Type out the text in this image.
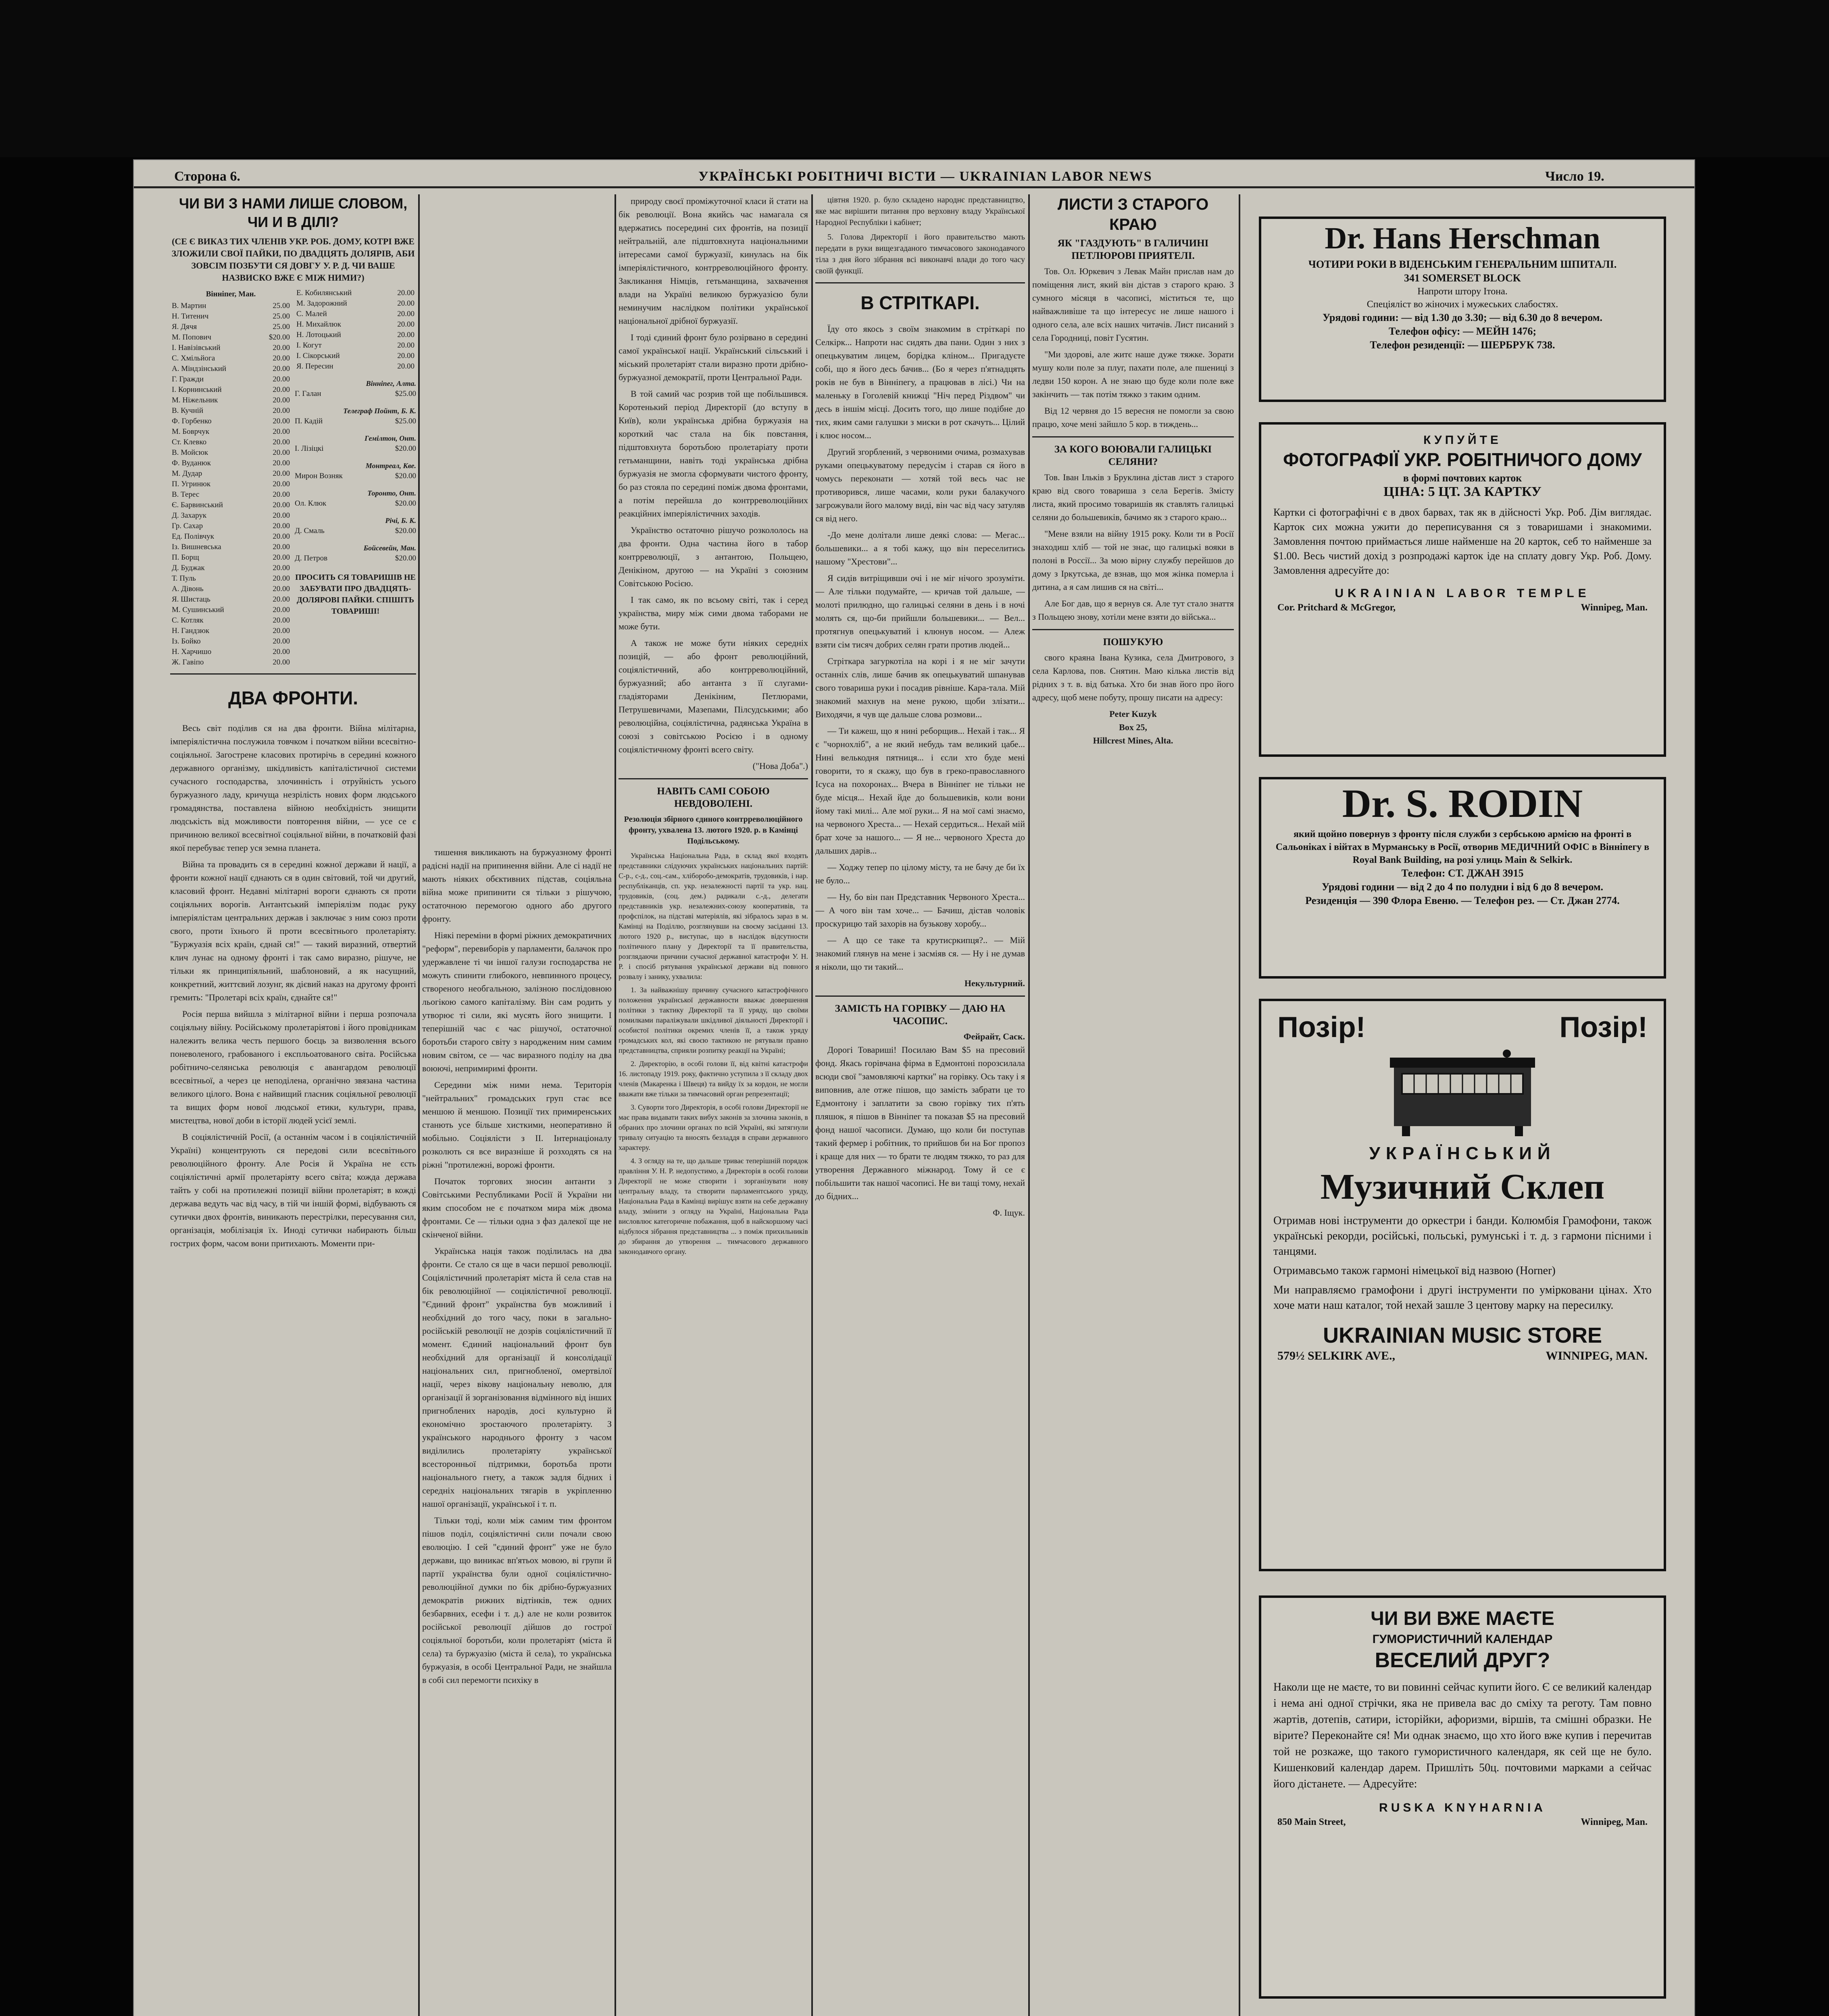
Сторона 6.	УКРАЇНСЬКІ РОБІТНИЧІ ВІСТИ — UKRAINIAN LABOR NEWS	Число 19.
ЧИ ВИ З НАМИ ЛИШЕ СЛОВОМ, ЧИ И В ДІЛІ?
(СЕ Є ВИКАЗ ТИХ ЧЛЕНІВ УКР. РОБ. ДОМУ, КОТРІ ВЖЕ ЗЛОЖИЛИ СВОЇ ПАЙКИ, ПО ДВАДЦЯТЬ ДОЛЯРІВ, АБИ ЗОВСІМ ПОЗБУТИ СЯ ДОВГУ У. Р. Д. ЧИ ВАШЕ НАЗВИСКО ВЖЕ Є МІЖ НИМИ?)
Вінніпег, Ман.
В. Мартин	25.00
Н. Титенич	25.00
Я. Дячя	25.00
М. Попович	$20.00
І. Навізівський	20.00
С. Хмільйога	20.00
А. Міндзінський	20.00
Г. Гражди	20.00
І. Корнинський	20.00
М. Ніжельник	20.00
В. Кучній	20.00
Ф. Горбенко	20.00
М. Боврчук	20.00
Ст. Клевко	20.00
В. Мойсюк	20.00
Ф. Вуданюк	20.00
М. Дудар	20.00
П. Угринюк	20.00
В. Терес	20.00
Є. Барвинський	20.00
Д. Захарук	20.00
Гр. Сахар	20.00
Ед. Полівчук	20.00
Із. Вишневська	20.00
П. Борщ	20.00
Д. Буджак	20.00
Т. Пуль	20.00
А. Дівонь	20.00
Я. Шистаць	20.00
М. Сушинський	20.00
С. Котляк	20.00
Н. Гандзюк	20.00
Із. Бойко	20.00
Н. Харчишо	20.00
Ж. Гавіпо	20.00
Е. Кобилянський	20.00
М. Задорожний	20.00
С. Малей	20.00
Н. Михайлюк	20.00
Н. Лотоцький	20.00
І. Когут	20.00
І. Сікорський	20.00
Я. Пересин	20.00
Вінніпег, Алта.
Г. Галан	$25.00
Телеграф Пойнт, Б. К.
П. Кадій	$25.00
Гемілтон, Онт.
І. Лізіцкі	$20.00
Монтреал, Кве.
Мирон Возняк	$20.00
Торонто, Онт.
Ол. Клюк	$20.00
Річі, Б. К.
Д. Смаль	$20.00
Бойсевейн, Ман.
Д. Петров	$20.00
ПРОСИТЬ СЯ ТОВАРИШІВ НЕ ЗАБУВАТИ ПРО ДВАДЦЯТЬ-ДОЛЯРОВІ ПАЙКИ. СПІШІТЬ ТОВАРИШІ!
ДВА ФРОНТИ.

Весь світ поділив ся на два фронти. Війна мілітарна, імперіялістична послужила товчком і початком війни всесвітно-соціяльної. Загострене класових протирічь в середині кожного державного організму, шкідливість капіталістичної системи сучасного господарства, злочинність і отруйність усього буржуазного ладу, кричуща незрілість нових форм людського громадянства, поставлена війною необхідність знищити людськість від можливости повторення війни, — усе се є причиною великої всесвітної соціяльної війни, в початковій фазі якої перебуває тепер уся земна планета.

Війна та провадить ся в середині кожної держави й нації, а фронти кожної нації єднають ся в один світовий, той чи другий, класовий фронт. Недавні мілітарні вороги єднають ся проти соціяльних ворогів. Антантський імперіялізм подає руку імперіялістам центральних держав і заключає з ним союз проти свого, проти їхнього й проти всесвітнього пролетаріяту. "Буржуазія всіх країн, єднай ся!" — такий виразний, отвертий клич лунає на одному фронті і так само виразно, рішуче, не тільки як принципіяльний, шаблоновий, а як насущний, конкретний, життєвий лозунг, як дієвий наказ на другому фронті гремить: "Пролетарі всіх країн, єднайте ся!"

Росія перша вийшла з мілітарної війни і перша розпочала соціяльну війну. Російському пролетаріятові і його провідникам належить велика честь першого боєць за визволення всього поневоленого, грабованого і експльоатованого світа. Російська робітничо-селянська революція є авангардом революції всесвітньої, а через це неподілена, органічно звязана частина великого цілого. Вона є найвищий гласник соціяльної революції та вищих форм нової людської етики, культури, права, мистецтва, нової доби в історії людей усієї землі.

В соціялістичній Росії, (а останнім часом і в соціялістичній Україні) концентрують ся передові сили всесвітнього революційного фронту. Але Росія й Україна не єсть соціялістичні армії пролетаріяту всего світа; кожда держава тайть у собі на протилежні позиції війни пролетаріят; в кожді держава ведуть час від часу, в тій чи іншій формі, відбувають ся сутички двох фронтів, виникають перестрілки, пересування сил, організація, мобілізація їх. Иноді сутички набирають більш гострих форм, часом вони притихають. Моменти при-

тишення викликають на буржуазному фронті радісні надії на припинення війни. Але сі надії не мають ніяких обєктивних підстав, соціяльна війна може припинити ся тільки з рішучою, остаточною перемогою одного або другого фронту.

Ніякі переміни в формі ріжних демократичних "реформ", перевиборів у парламенти, балачок про удержавлене ті чи іншої галузи господарства не можуть спинити глибокого, невпинного процесу, створеного необгальною, залізною послідовною льогікою самого капіталізму. Він сам родить у утворює ті сили, які мусять його знищити. І теперішній час є час рішучої, остаточної боротьби старого світу з народженим ним самим новим світом, се — час виразного поділу на два воюючі, непримиримі фронти.

Середини між ними нема. Територія "нейтральних" громадських груп стає все меншою й меншою. Позиції тих примиренських станють усе більше хисткими, неоперативно й мобільно. Соціялісти з ІІ. Інтернаціоналу розколють ся все виразніше й розходять ся на ріжні "протилежні, ворожі фронти.

Початок торгових зносин антанти з Совітськими Республиками Росії й України ни яким способом не є початком мира між двома фронтами. Се — тільки одна з фаз далекої ще не скінченої війни.

Українська нація також поділилась на два фронти. Се стало ся ще в часи першої революції. Соціялістичний пролетаріят міста й села став на бік революційної — соціялістичної революції. "Єдиний фронт" українства був можливий і необхідний до того часу, поки в загально-російській революції не дозрів соціялістичний її момент. Єдиний національний фронт був необхідний для організації й консолідації національних сил, пригнобленої, омертвілої нації, через вікову національну неволю, для організації й зорганізовання відмінного від інших пригноблених народів, досі культурно й економічно зростаючого пролетаріяту. З українського народнього фронту з часом виділились пролетаріяту української всесторонньої підтримки, боротьба проти національного гнету, а також задля бідних і середніх національних тягарів в укріпленню нашої організації, української і т. п.

Тільки тоді, коли між самим тим фронтом пішов поділ, соціялістичні сили почали свою еволюцію. І сей "єдиний фронт" уже не було держави, що виникає вп'ятьох мовою, ві групи й партії українства були одної соціялістично-революційної думки по бік дрібно-буржуазних демократів рижних відтінків, теж одних безбарвних, есефи і т. д.) але не коли розвиток російської революції дійшов до гострої соціяльної боротьби, коли пролетаріят (міста й села) та буржуазію (міста й села), то українська буржуазія, в особі Центральної Ради, не знайшла в собі сил перемогти психіку в

природу своєї проміжуточної класи й стати на бік революції. Вона якийсь час намагала ся вдержатись посередині сих фронтів, на позиції нейтральній, але підштовхнута національними інтересами самої буржуазії, кинулась на бік імперіялістичного, контрреволюційного фронту. Закликання Німців, гетьманщина, захвачення влади на Україні великою буржуазією були неминучим наслідком політики української національної дрібної буржуазії.

І тоді єдиний фронт було розірвано в середині самої української нації. Український сільський і міський пролетаріят стали виразно проти дрібно-буржуазної демократії, проти Центральної Ради.

В той самий час розрив той ще побільшився. Коротенький період Директорії (до вступу в Київ), коли українська дрібна буржуазія на короткий час стала на бік повстання, підштовхнута боротьбою пролетаріату проти гетьманщини, навіть тоді українська дрібна буржуазія не змогла сформувати чистого фронту, бо раз стояла по середині поміж двома фронтами, а потім перейшла до контрреволюційних реакційних імперіялістичних заходів.

Українство остаточно рішучо розкололось на два фронти. Одна частина його в табор контрреволюції, з антантою, Польщею, Денікіном, другою — на Україні з союзним Совітською Росією.

І так само, як по всьому світі, так і серед українства, миру між сими двома таборами не може бути.

А також не може бути ніяких середніх позицій, — або фронт революційний, соціялістичний, або контрреволюційний, буржуазний; або антанта з її слугами-гладіяторами Денікіним, Петлюрами, Петрушевичами, Мазепами, Пілсудськими; або революційна, соціялістична, радянська Україна в союзі з совітською Росією і в одному соціялістичному фронті всего світу.

("Нова Доба".)
НАВІТЬ САМІ СОБОЮ НЕВДОВОЛЕНІ.
Резолюція збірного єдиного контрреволюційного фронту, ухвалена 13. лютого 1920. р. в Камінці Подільському.

Українська Національна Рада, в склад якої входять представники слідуючих українських національних партій: С-р., с-д., соц.-сам., хліборобо-демократів, трудовиків, і нар. республіканців, сп. укр. незалежності партії та укр. нац. трудовиків, (соц. дем.) радикали с.-д., делегати представників укр. незалежних-союзу кооперативів, та профспілок, на підставі матеріялів, які зібралось зараз в м. Камінці на Поділлю, розглянувши на своєму засіданні 13. лютого 1920 р., виступає, що в наслідок відсутности політичного плану у Директорії та її правительства, розглядаючи причини сучасної державної катастрофи У. Н. Р. і спосіб рятування української держави від повного розвалу і занику, ухвалила:

1. За найважнішу причину сучасного катастрофічного положення української державности вважає довершення політики з тактику Директорії та її уряду, що своїми помилками параліжували шкідливої діяльності Директорії і особистої політики окремих членів її, а також уряду громадських кол, які своєю тактикою не рятували правно представництва, сприяли розпитку реакції на Україні;

2. Директорію, в особі голови її, від квітні катастрофи 16. листопаду 1919. року, фактично уступила з її складу двох членів (Макаренка і Швеця) та вийду їх за кордон, не могли вважати вже тільки за тимчасовий орган репрезентації;

3. Суворти того Директорія, в особі голови Директорії не має права видавати таких вибух законів за злочина законів, в обраних про злочини органах по всій Україні, які затягнули тривалу ситуацію та вносять безладдя в справи державного характеру.

4. З огляду на те, що дальше триває теперішній порядок правління У. Н. Р. недопустимо, а Директорія в особі голови Директорії не може створити і зорганізувати нову центральну владу, та створити парламентського уряду, Національна Рада в Камінці вирішує взяти на себе державну владу, змінити з огляду на Україні, Національна Рада висловлює категоричне побажання, щоб в найскоршому часі відбулося зібрання представництва ... з поміж прихильників до збирання до утворення ... тимчасового державного законодавчого органу.

цівтня 1920. р. було складено народнє представництво, яке має вирішити питання про верховну владу Української Народної Республіки і кабінет;

5. Голова Директорії і його правительство мають передати в руки вищезгаданого тимчасового законодавчого тіла з дня його зібрання всі виконавчі влади до того часу своїй функції.

В СТРІТКАРІ.

Їду ото якось з своїм знакомим в стріткарі по Селкірк... Напроти нас сидять два пани. Один з них з опецькуватим лицем, борідка кліном... Пригадуєте собі, що я його десь бачив... (Бо я через п'ятнадцять років не був в Вінніпегу, а працював в лісі.) Чи на маленьку в Гоголевій книжці "Ніч перед Різдвом" чи десь в іншім місці. Досить того, що лише подібне до тих, яким сами галушки з миски в рот скачуть... Цілий і клює носом...

Другий згорблений, з червоними очима, розмахував руками опецькуватому передусім і старав ся його в чомусь переконати — хотяй той весь час не противорився, лише часами, коли руки балакучого загрожували його малому виді, він час від часу затуляв ся від него.

-До мене долітали лише деякі слова: — Мегас... большевики... а я тобі кажу, що він переселитись нашому "Хрестови"...

Я сидів витріщивши очі і не міг нічого зрозуміти. — Але тільки подумайте, — кричав той дальше, — молоті прилюдно, що галицькі селяни в день і в ночі молять ся, що-би прийшли большевики... — Вел... протягнув опецькуватий і клюнув носом. — Алеж взяти сім тисяч добрих селян грати против людей...

Стріткара загуркотіла на корі і я не міг зачути останніх слів, лише бачив як опецькуватий шпанував свого товариша руки і посадив рівніше. Кара-тала. Мій знакомий махнув на мене рукою, щоби злізати... Виходячи, я чув ще дальше слова розмови...

— Ти кажеш, що я нині реборщив... Нехай і так... Я є "чорнохліб", а не який небудь там великий цабе... Нині велькодня пятниця... і єсли хто буде мені говорити, то я скажу, що був в греко-православного Ісуса на похоронах... Вчера в Вінніпег не тільки не буде місця... Нехай йде до большевиків, коли вони йому такі милі... Але мої руки... Я на мої самі знаємо, на червоного Хреста... — Нехай сердиться... Нехай мій брат хоче за нашого... — Я не... червоного Хреста до дальших дарів...

— Ходжу тепер по цілому місту, та не бачу де би їх не було...

— Ну, бо він пан Представник Червоного Хреста... — А чого він там хоче... — Бачиш, дістав чоловік проскурицю тай захорів на бузькову хоробу...

— А що се таке та крутисркипця?.. — Мій знакомий глянув на мене і засміяв ся. — Ну і не думав я ніколи, що ти такий...

Некультурний.
ЗАМІСТЬ НА ГОРІВКУ — ДАЮ НА ЧАСОПИС.
Фейрайт, Саск.

Дорогі Товариші! Посилаю Вам $5 на пресовий фонд. Якась горівчана фірма в Едмонтоні порозсилала всюди свої "замовляючі картки" на горівку. Ось таку і я виповнив, але отже пішов, що замість забрати це то Едмонтону і заплатити за свою горівку тих п'ять пляшок, я пішов в Вінніпег та показав $5 на пресовий фонд нашої часописи. Думаю, що коли би поступав такий фермер і робітник, то прийшов би на Бог пропоз і краще для них — то брати те людям тяжко, то раз для утворення Державного міжнарод. Тому й се є побільшити так нашої часописі. Не ви тащі тому, нехай до бідних...

Ф. Іщук.
ЛИСТИ З СТАРОГО КРАЮ
ЯК "ГАЗДУЮТЬ" В ГАЛИЧИНІ ПЕТЛЮРОВІ ПРИЯТЕЛІ.

Тов. Ол. Юркевич з Левак Майн прислав нам до поміщення лист, який він дістав з старого краю. З сумного місяця в часописі, міститься те, що найважливіше та що інтересує не лише нашого і одного села, але всіх наших читачів. Лист писаний з села Городниці, повіт Гусятин.

"Ми здорові, але житє наше дуже тяжке. Зорати мушу коли поле за плуг, пахати поле, але пшениці з ледви 150 корон. А не знаю що буде коли поле вже закінчить — так потім тяжко з таким одним.

Від 12 червня до 15 вересня не помогли за свою працю, хоче мені зайшло 5 кор. в тиждень...

ЗА КОГО ВОЮВАЛИ ГАЛИЦЬКІ СЕЛЯНИ?

Тов. Іван Ільків з Бруклина дістав лист з старого краю від свого товариша з села Берегів. Змісту листа, який просимо товаришів як ставлять галицькі селяни до большевиків, бачимо як з старого краю...

"Мене взяли на війну 1915 року. Коли ти в Росії знаходиш хліб — той не знає, що галицькі вояки в полоні в Россії... За мою вірну службу перейшов до дому з Іркутська, де взнав, що моя жінка померла і дитина, а я сам лишив ся на світі...

Але Бог дав, що я вернув ся. Але тут стало знаття з Польщею знову, хотіли мене взяти до війська...

ПОШУКУЮ

свого краяна Івана Кузика, села Дмитрового, з села Карлова, пов. Снятин. Маю кілька листів від рідних з т. в. від батька. Хто би знав його про його адресу, щоб мене побуту, прошу писати на адресу:

Peter Kuzyk
Box 25,
Hillcrest Mines, Alta.
Dr. Hans Herschman
ЧОТИРИ РОКИ В ВІДЕНСЬКИМ ГЕНЕРАЛЬНИМ ШПИТАЛІ.
341 SOMERSET BLOCK
Напроти штору Ітона.
Спеціяліст во жіночих і мужеських слабостях.
Урядові години: — від 1.30 до 3.30; — від 6.30 до 8 вечером.
Телефон офісу: — МЕЙН 1476;
Телефон резиденції: — ШЕРБРУК 738.
КУПУЙТЕ
ФОТОГРАФІЇ УКР. РОБІТНИЧОГО ДОМУ
в формі почтових карток
ЦІНА: 5 ЦТ. ЗА КАРТКУ
Картки сі фотографічні є в двох барвах, так як в дійсності Укр. Роб. Дім виглядає. Карток сих можна ужити до переписування ся з товаришами і знакомими. Замовлення почтою приймається лише найменше на 20 карток, себ то найменше за $1.00. Весь чистий дохід з розпродажі карток іде на сплату довгу Укр. Роб. Дому. Замовлення адресуйте до:
UKRAINIAN LABOR TEMPLE
Cor. Pritchard & McGregor,	Winnipeg, Man.
Dr. S. RODIN
який щойно повернув з фронту після служби з сербською армією на фронті в Сальоніках і війтах в Мурманську в Росії, отворив МЕДИЧНИЙ ОФІС в Вінніпегу в Royal Bank Building, на розі улиць Main & Selkirk.
Телефон: СТ. ДЖАН 3915
Урядові години — від 2 до 4 по полудни і від 6 до 8 вечером.
Резиденція — 390 Флора Евеню. — Телефон рез. — Ст. Джан 2774.
Позір!	Позір!
УКРАЇНСЬКИЙ
Музичний Склеп
Отримав нові інструменти до оркестри і банди. Колюмбія Грамофони, також українські рекорди, російські, польські, румунські і т. д. з гармони пісними і танцями.
Отримавсьмо також гармоні німецької від назвою (Horner)
Ми направляємо грамофони і другі інструменти по умірковани цінах. Хто хоче мати наш каталог, той нехай зашле 3 центову марку на пересилку.
UKRAINIAN MUSIC STORE
579½ SELKIRK AVE.,	WINNIPEG, MAN.
ЧИ ВИ ВЖЕ МАЄТЕ
ГУМОРИСТИЧНИЙ КАЛЕНДАР
ВЕСЕЛИЙ ДРУГ?
Наколи ще не маєте, то ви повинні сейчас купити його. Є се великий календар і нема ані одної стрічки, яка не привела вас до сміху та реготу. Там повно жартів, дотепів, сатири, історійки, афоризми, віршів, та смішні образки. Не вірите? Переконайте ся! Ми однак знаємо, що хто його вже купив і перечитав той не розкаже, що такого гумористичного календаря, як сей ще не було. Кишенковий календар дарем. Пришліть 50ц. почтовими марками а сейчас його дістанете. — Адресуйте:
RUSKA KNYHARNIA
850 Main Street,	Winnipeg, Man.
